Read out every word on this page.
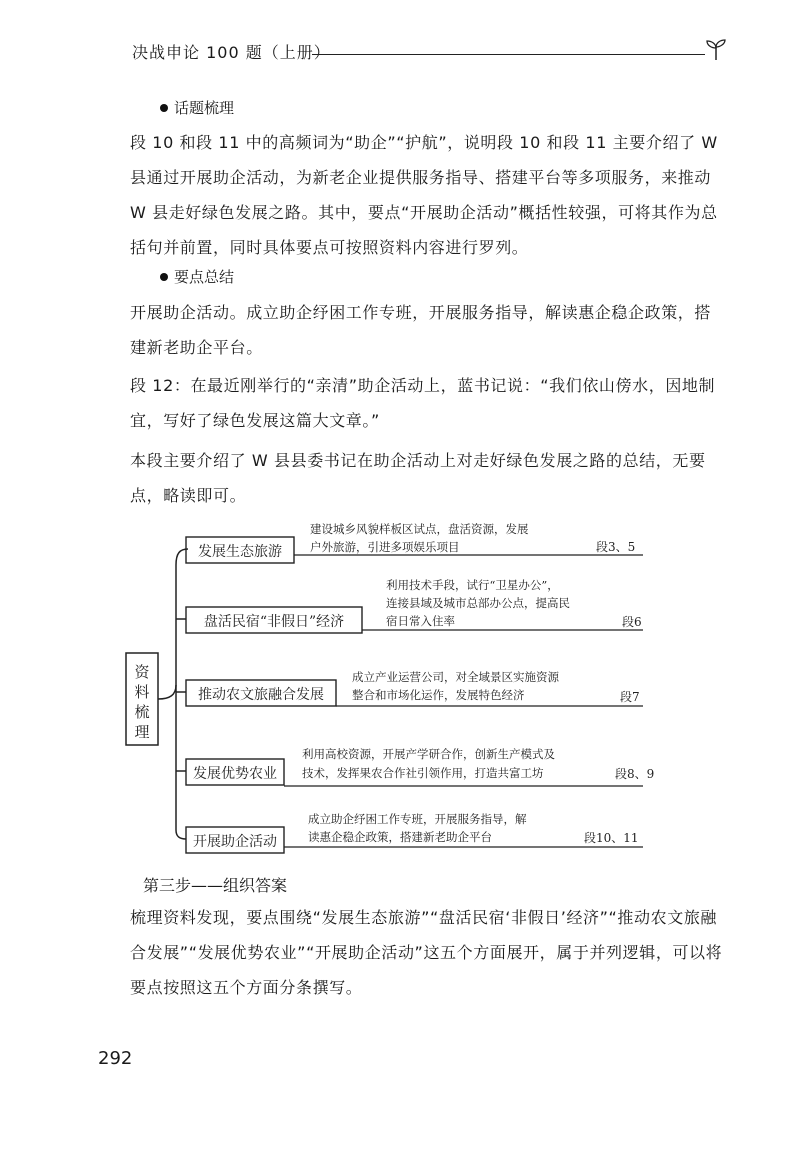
决战申论 100 题（上册）
话题梳理
段 10 和段 11 中的高频词为“助企”“护航”，说明段 10 和段 11 主要介绍了 W 县通过开展助企活动，为新老企业提供服务指导、搭建平台等多项服务，来推动 W 县走好绿色发展之路。其中，要点“开展助企活动”概括性较强，可将其作为总括句并前置，同时具体要点可按照资料内容进行罗列。
要点总结
开展助企活动。成立助企纾困工作专班，开展服务指导，解读惠企稳企政策，搭建新老助企平台。
段 12：在最近刚举行的“亲清”助企活动上，蓝书记说：“我们依山傍水，因地制宜，写好了绿色发展这篇大文章。”
本段主要介绍了 W 县县委书记在助企活动上对走好绿色发展之路的总结，无要点，略读即可。
资
料
梳
理
发展生态旅游
建设城乡风貌样板区试点，盘活资源，发展
户外旅游，引进多项娱乐项目	段3、5
盘活民宿“非假日”经济
利用技术手段，试行“卫星办公”，
连接县域及城市总部办公点，提高民
宿日常入住率	段6
推动农文旅融合发展
成立产业运营公司，对全域景区实施资源
整合和市场化运作，发展特色经济	段7
发展优势农业
利用高校资源，开展产学研合作，创新生产模式及
技术，发挥果农合作社引领作用，打造共富工坊	段8、9
开展助企活动
成立助企纾困工作专班，开展服务指导，解
读惠企稳企政策，搭建新老助企平台	段10、11
第三步——组织答案
梳理资料发现，要点围绕“发展生态旅游”“盘活民宿‘非假日’经济”“推动农文旅融合发展”“发展优势农业”“开展助企活动”这五个方面展开，属于并列逻辑，可以将要点按照这五个方面分条撰写。
292
